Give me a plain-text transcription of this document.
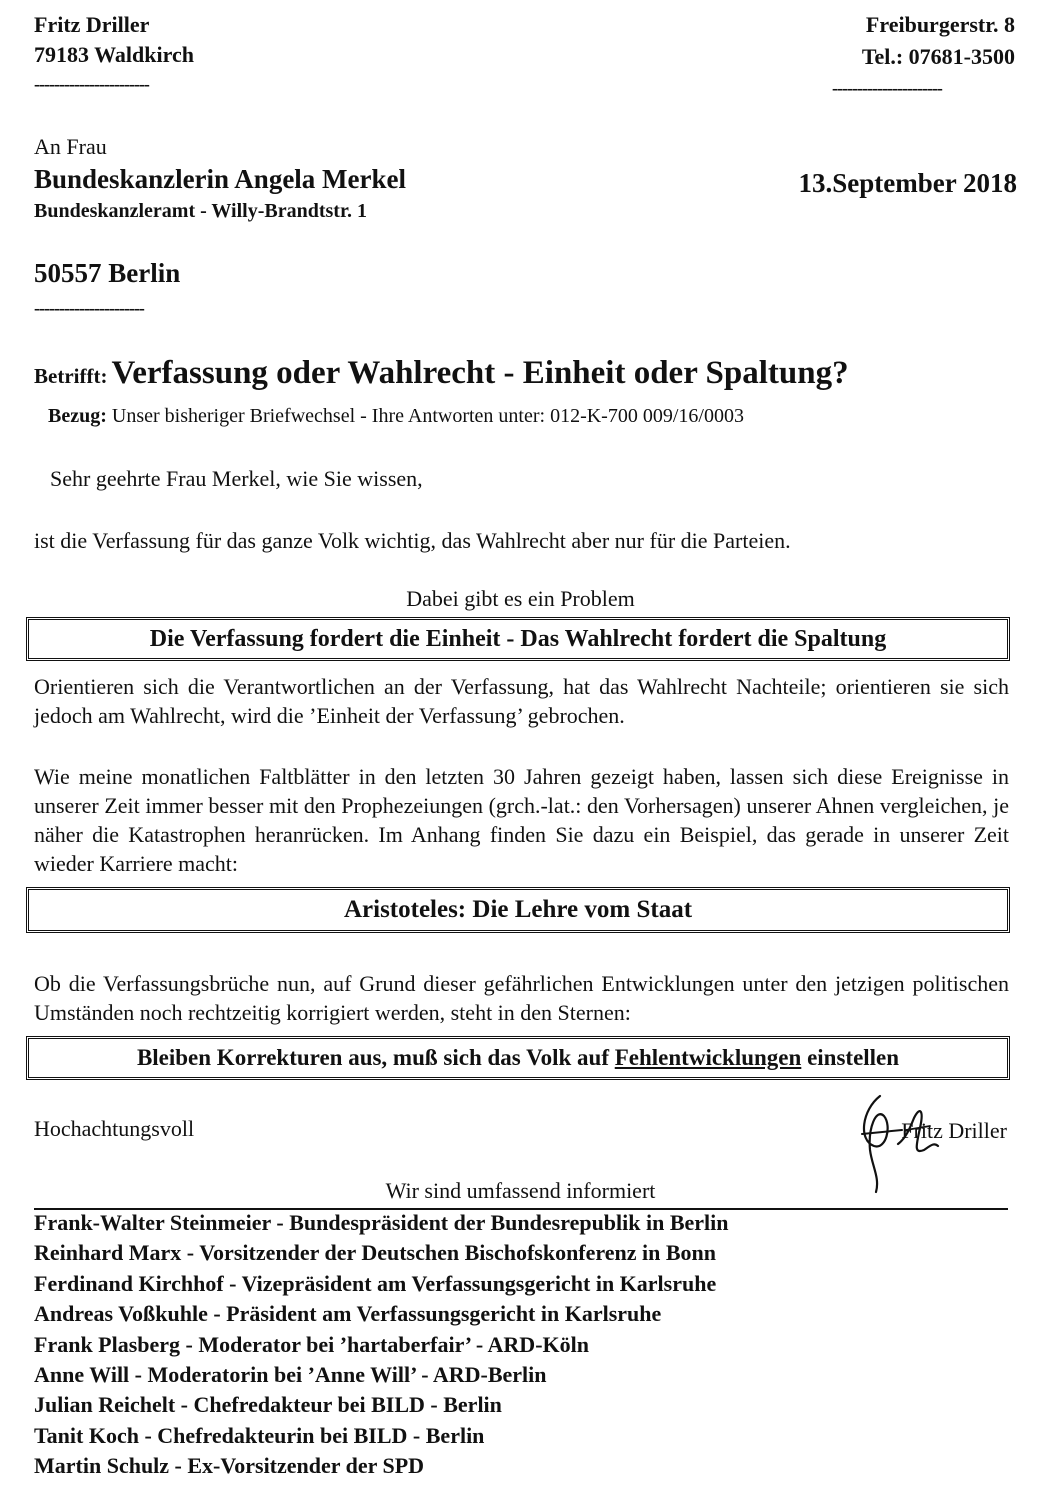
Fritz Driller
79183 Waldkirch
-----------------------
Freiburgerstr. 8
Tel.: 07681-3500
----------------------
An Frau
Bundeskanzlerin Angela Merkel
Bundeskanzleramt - Willy-Brandtstr. 1
13.September 2018
50557 Berlin
----------------------
Betrifft: Verfassung oder Wahlrecht - Einheit oder Spaltung?
Bezug: Unser bisheriger Briefwechsel - Ihre Antworten unter: 012-K-700 009/16/0003
Sehr geehrte Frau Merkel, wie Sie wissen,
ist die Verfassung für das ganze Volk wichtig, das Wahlrecht aber nur für die Parteien.
Dabei gibt es ein Problem
Die Verfassung fordert die Einheit - Das Wahlrecht fordert die Spaltung
Orientieren sich die Verantwortlichen an der Verfassung, hat das Wahlrecht Nachteile; orientieren sie sich jedoch am Wahlrecht, wird die ’Einheit der Verfassung’ gebrochen.
Wie meine monatlichen Faltblätter in den letzten 30 Jahren gezeigt haben, lassen sich diese Ereignisse in unserer Zeit immer besser mit den Prophezeiungen (grch.-lat.: den Vorhersagen) unserer Ahnen vergleichen, je näher die Katastrophen heranrücken. Im Anhang finden Sie dazu ein Beispiel, das gerade in unserer Zeit wieder Karriere macht:
Aristoteles: Die Lehre vom Staat
Ob die Verfassungsbrüche nun, auf Grund dieser gefährlichen Entwicklungen unter den jetzigen politischen Umständen noch rechtzeitig korrigiert werden, steht in den Sternen:
Bleiben Korrekturen aus, muß sich das Volk auf Fehlentwicklungen einstellen
Hochachtungsvoll	Fritz Driller
Wir sind umfassend informiert
Frank-Walter Steinmeier - Bundespräsident der Bundesrepublik in Berlin
Reinhard Marx - Vorsitzender der Deutschen Bischofskonferenz in Bonn
Ferdinand Kirchhof - Vizepräsident am Verfassungsgericht in Karlsruhe
Andreas Voßkuhle - Präsident am Verfassungsgericht in Karlsruhe
Frank Plasberg - Moderator bei ’hartaberfair’ - ARD-Köln
Anne Will - Moderatorin bei ’Anne Will’ - ARD-Berlin
Julian Reichelt - Chefredakteur bei BILD - Berlin
Tanit Koch - Chefredakteurin bei BILD - Berlin
Martin Schulz - Ex-Vorsitzender der SPD
